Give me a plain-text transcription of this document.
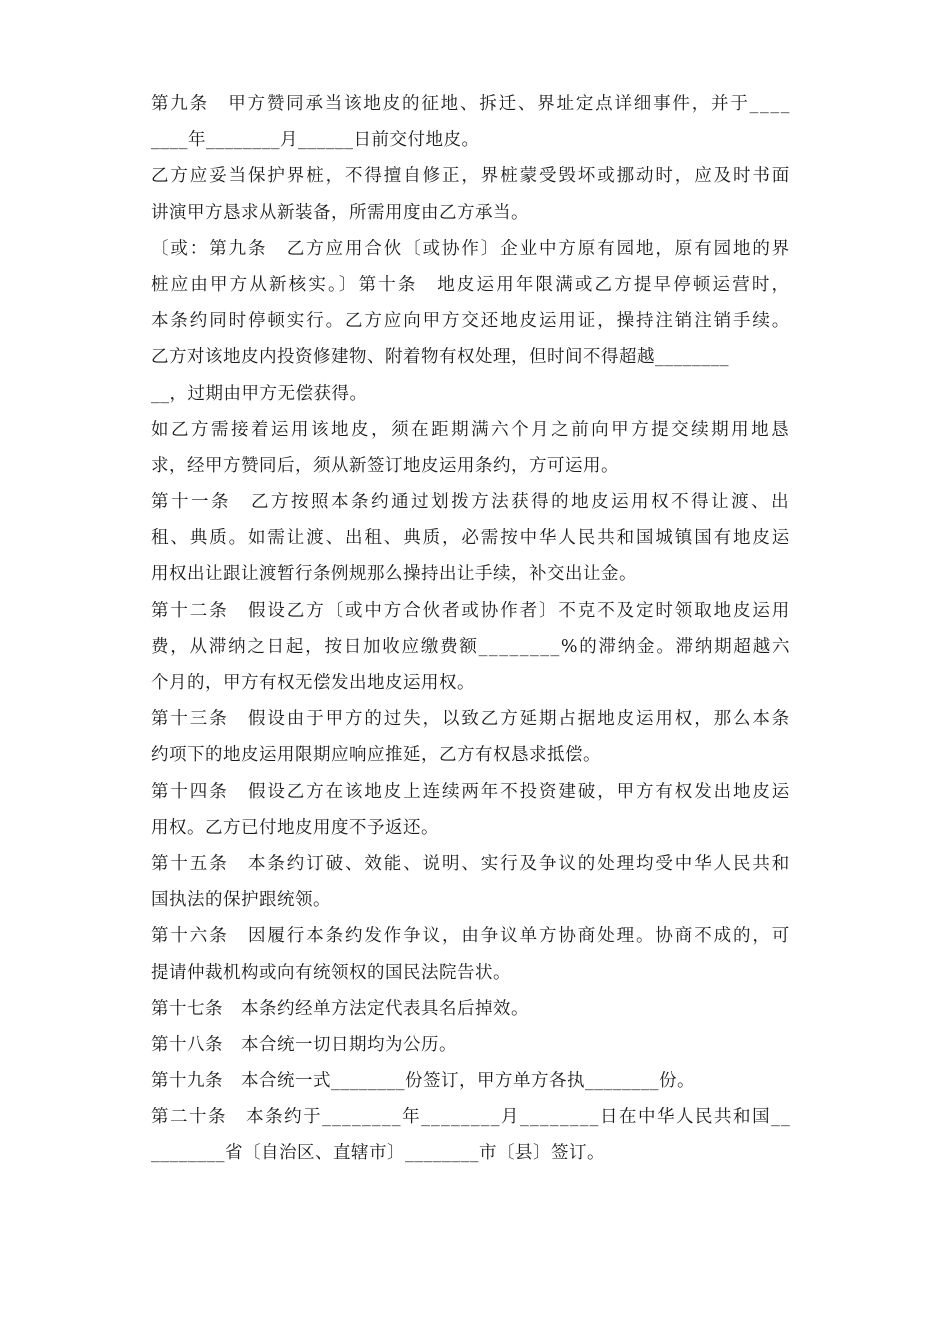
第九条　甲方赞同承当该地皮的征地、拆迁、界址定点详细事件，并于____
____年________月______日前交付地皮。
乙方应妥当保护界桩，不得擅自修正，界桩蒙受毁坏或挪动时，应及时书面
讲演甲方恳求从新装备，所需用度由乙方承当。
〔或：第九条　乙方应用合伙〔或协作〕企业中方原有园地，原有园地的界
桩应由甲方从新核实。〕第十条　地皮运用年限满或乙方提早停顿运营时，
本条约同时停顿实行。乙方应向甲方交还地皮运用证，操持注销注销手续。
乙方对该地皮内投资修建物、附着物有权处理，但时间不得超越________
__，过期由甲方无偿获得。
如乙方需接着运用该地皮，须在距期满六个月之前向甲方提交续期用地恳
求，经甲方赞同后，须从新签订地皮运用条约，方可运用。
第十一条　乙方按照本条约通过划拨方法获得的地皮运用权不得让渡、出
租、典质。如需让渡、出租、典质，必需按中华人民共和国城镇国有地皮运
用权出让跟让渡暂行条例规那么操持出让手续，补交出让金。
第十二条　假设乙方〔或中方合伙者或协作者〕不克不及定时领取地皮运用
费，从滞纳之日起，按日加收应缴费额________%的滞纳金。滞纳期超越六
个月的，甲方有权无偿发出地皮运用权。
第十三条　假设由于甲方的过失，以致乙方延期占据地皮运用权，那么本条
约项下的地皮运用限期应响应推延，乙方有权恳求抵偿。
第十四条　假设乙方在该地皮上连续两年不投资建破，甲方有权发出地皮运
用权。乙方已付地皮用度不予返还。
第十五条　本条约订破、效能、说明、实行及争议的处理均受中华人民共和
国执法的保护跟统领。
第十六条　因履行本条约发作争议，由争议单方协商处理。协商不成的，可
提请仲裁机构或向有统领权的国民法院告状。
第十七条　本条约经单方法定代表具名后掉效。
第十八条　本合统一切日期均为公历。
第十九条　本合统一式________份签订，甲方单方各执________份。
第二十条　本条约于________年________月________日在中华人民共和国__
________省〔自治区、直辖市〕________市〔县〕签订。
